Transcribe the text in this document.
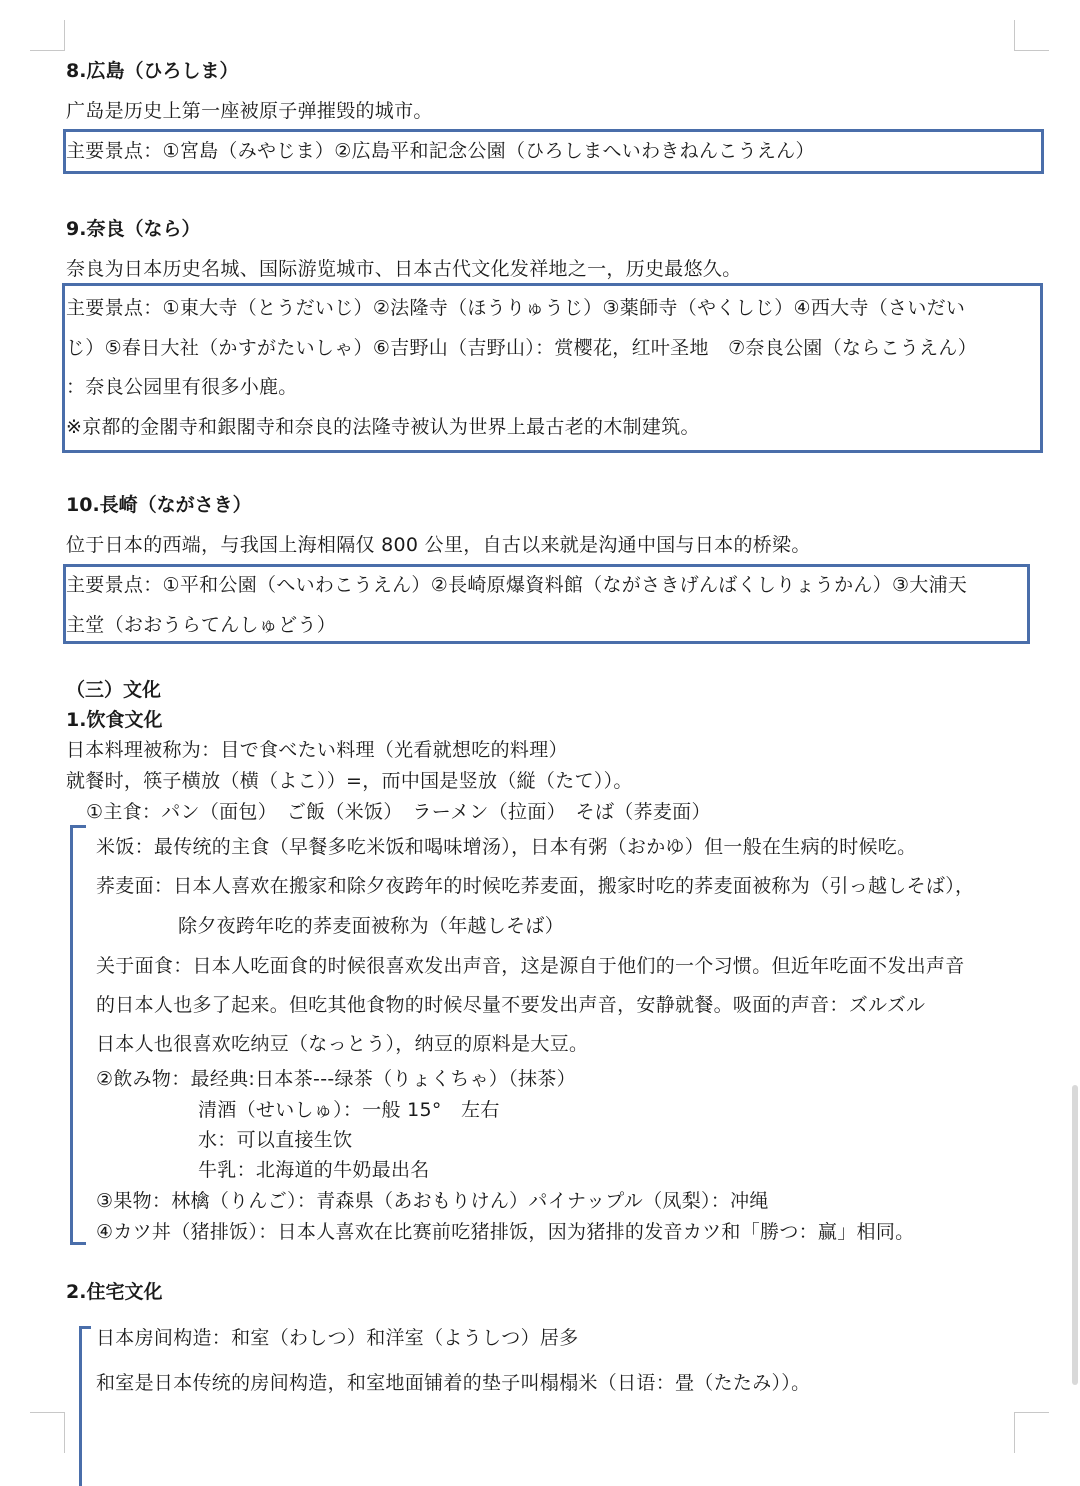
8.広島（ひろしま）
广岛是历史上第一座被原子弹摧毁的城市。
主要景点：①宮島（みやじま）②広島平和記念公園（ひろしまへいわきねんこうえん）
9.奈良（なら）
奈良为日本历史名城、国际游览城市、日本古代文化发祥地之一，历史最悠久。
主要景点：①東大寺（とうだいじ）②法隆寺（ほうりゅうじ）③薬師寺（やくしじ）④西大寺（さいだい
じ）⑤春日大社（かすがたいしゃ）⑥吉野山（吉野山）：赏樱花，红叶圣地　⑦奈良公園（ならこうえん）
：奈良公园里有很多小鹿。
※京都的金閣寺和銀閣寺和奈良的法隆寺被认为世界上最古老的木制建筑。
10.長崎（ながさき）
位于日本的西端，与我国上海相隔仅 800 公里，自古以来就是沟通中国与日本的桥梁。
主要景点：①平和公園（へいわこうえん）②長崎原爆資料館（ながさきげんばくしりょうかん）③大浦天
主堂（おおうらてんしゅどう）
（三）文化
1.饮食文化
日本料理被称为：目で食べたい料理（光看就想吃的料理）
就餐时，筷子横放（横（よこ））=，而中国是竖放（縦（たて））。
①主食：パン（面包）　ご飯（米饭）　ラーメン（拉面）　そば（荞麦面）
米饭：最传统的主食（早餐多吃米饭和喝味增汤），日本有粥（おかゆ）但一般在生病的时候吃。
荞麦面：日本人喜欢在搬家和除夕夜跨年的时候吃荞麦面，搬家时吃的荞麦面被称为（引っ越しそば），
除夕夜跨年吃的荞麦面被称为（年越しそば）
关于面食：日本人吃面食的时候很喜欢发出声音，这是源自于他们的一个习惯。但近年吃面不发出声音
的日本人也多了起来。但吃其他食物的时候尽量不要发出声音，安静就餐。吸面的声音：ズルズル
日本人也很喜欢吃纳豆（なっとう），纳豆的原料是大豆。
②飲み物：最经典:日本茶---绿茶（りょくちゃ）（抹茶）
清酒（せいしゅ）：一般 15°　左右
水：可以直接生饮
牛乳：北海道的牛奶最出名
③果物：林檎（りんご）：青森県（あおもりけん）パイナップル（凤梨）：冲绳
④カツ丼（猪排饭）：日本人喜欢在比赛前吃猪排饭，因为猪排的发音カツ和「勝つ：赢」相同。
2.住宅文化
日本房间构造：和室（わしつ）和洋室（ようしつ）居多
和室是日本传统的房间构造，和室地面铺着的垫子叫榻榻米（日语：畳（たたみ））。
